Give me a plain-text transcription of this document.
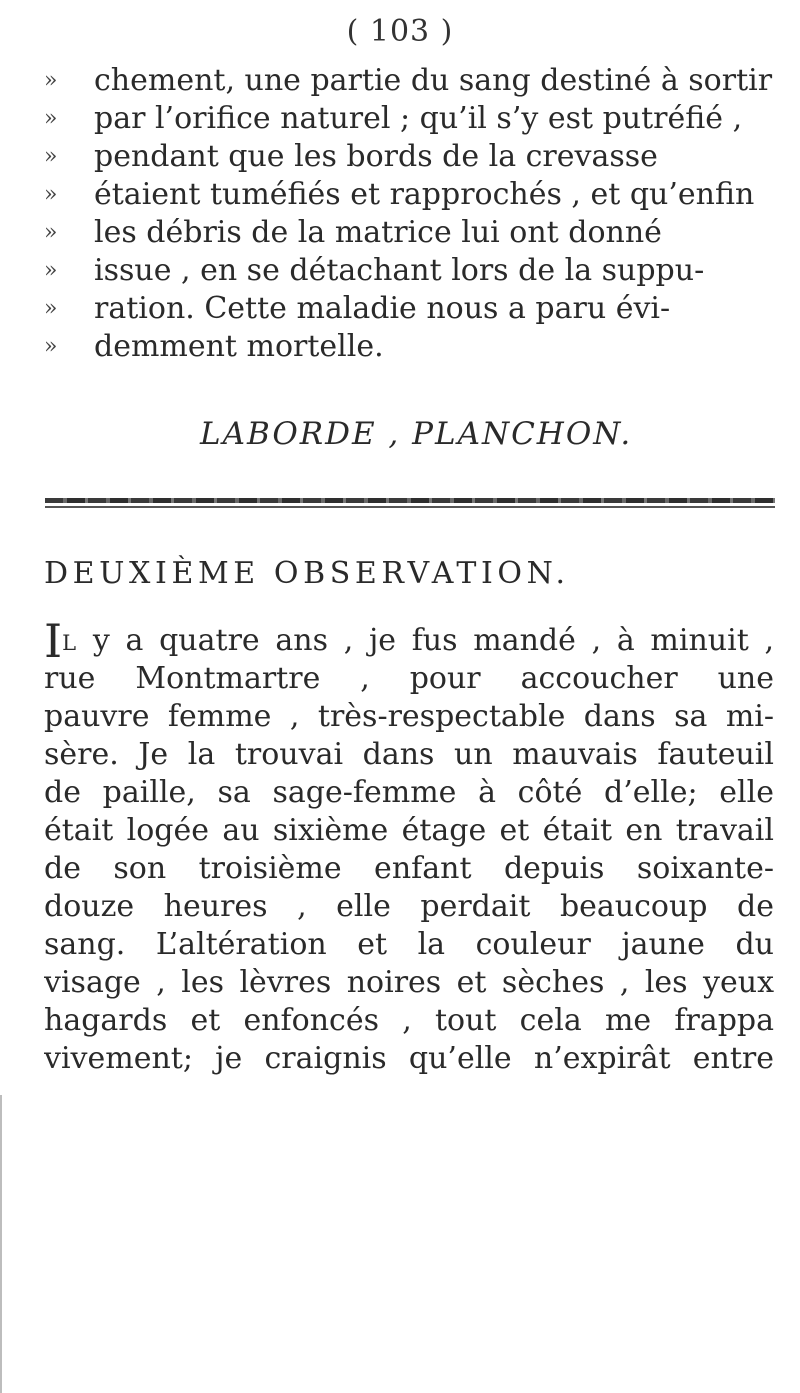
( 103 )
» chement, une partie du sang destiné à sortir
» par l’orifice naturel ; qu’il s’y est putréfié ,
» pendant que les bords de la crevasse
» étaient tuméfiés et rapprochés , et qu’enfin
» les débris de la matrice lui ont donné
» issue , en se détachant lors de la suppu-
» ration. Cette maladie nous a paru évi-
» demment mortelle.
LABORDE , PLANCHON.
DEUXIÈME OBSERVATION.
IL y a quatre ans , je fus mandé , à minuit ,
rue Montmartre , pour accoucher une
pauvre femme , très-respectable dans sa mi-
sère. Je la trouvai dans un mauvais fauteuil
de paille, sa sage-femme à côté d’elle; elle
était logée au sixième étage et était en travail
de son troisième enfant depuis soixante-
douze heures , elle perdait beaucoup de
sang. L’altération et la couleur jaune du
visage , les lèvres noires et sèches , les yeux
hagards et enfoncés , tout cela me frappa
vivement; je craignis qu’elle n’expirât entre
